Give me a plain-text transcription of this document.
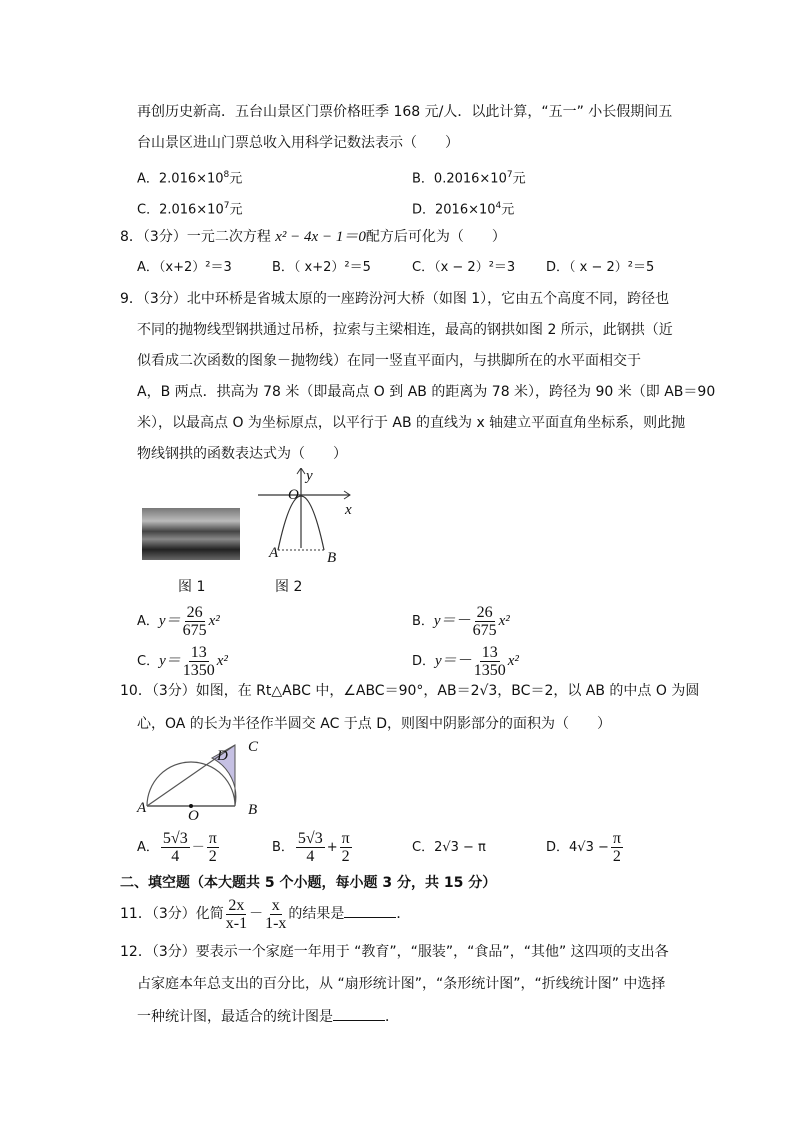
再创历史新高．五台山景区门票价格旺季 168 元/人．以此计算，“五一” 小长假期间五
台山景区进山门票总收入用科学记数法表示（　　）
A．$2.016\times 10^8$元	B．$0.2016\times 10^7$元
C．$2.016\times 10^7$元	D．$2016\times 10^4$元
8．（3分）一元二次方程 x² − 4x − 1＝0配方后可化为（　　）
A．（x+2）²＝3	B．（ x+2）²＝5	C．（x − 2）²＝3 D．（ x − 2）²＝5
9．（3分）北中环桥是省城太原的一座跨汾河大桥（如图 1），它由五个高度不同，跨径也
不同的抛物线型钢拱通过吊桥，拉索与主梁相连，最高的钢拱如图 2 所示，此钢拱（近
似看成二次函数的图象－抛物线）在同一竖直平面内，与拱脚所在的水平面相交于
A，B 两点．拱高为 78 米（即最高点 O 到 AB 的距离为 78 米），跨径为 90 米（即 AB＝90
米），以最高点 O 为坐标原点，以平行于 AB 的直线为 x 轴建立平面直角坐标系，则此抛
物线钢拱的函数表达式为（　　）
图 1
O
y
x
A	B
图 2
A．$y= \frac{26}{675} x^2$	B．$y=- \frac{26}{675} x^2$
C．$y= \frac{13}{1350} x^2$	D．$y=- \frac{13}{1350} x^2$
10．（3分）如图，在 Rt△ABC 中，∠ABC＝90°，AB＝2√3，BC＝2，以 AB 的中点 O 为圆
心，OA 的长为半径作半圆交 AC 于点 D，则图中阴影部分的面积为（　　）
A	B
C
D
O
A． $\frac{5√3}{4} - \frac{\pi}{2}$	B． $\frac{5√3}{4} + \frac{\pi}{2}$	C．2√3 − π	D．$4√3 - \frac{\pi}{2}$
二、填空题（本大题共 5 个小题，每小题 3 分，共 15 分）
11．（3分）化简 $\frac{2x}{x-1} - \frac{x}{1-x}$ 的结果是	．
12．（3分）要表示一个家庭一年用于 “教育”，“服装”，“食品”，“其他” 这四项的支出各
占家庭本年总支出的百分比，从 “扇形统计图”，“条形统计图”，“折线统计图” 中选择
一种统计图，最适合的统计图是	．
